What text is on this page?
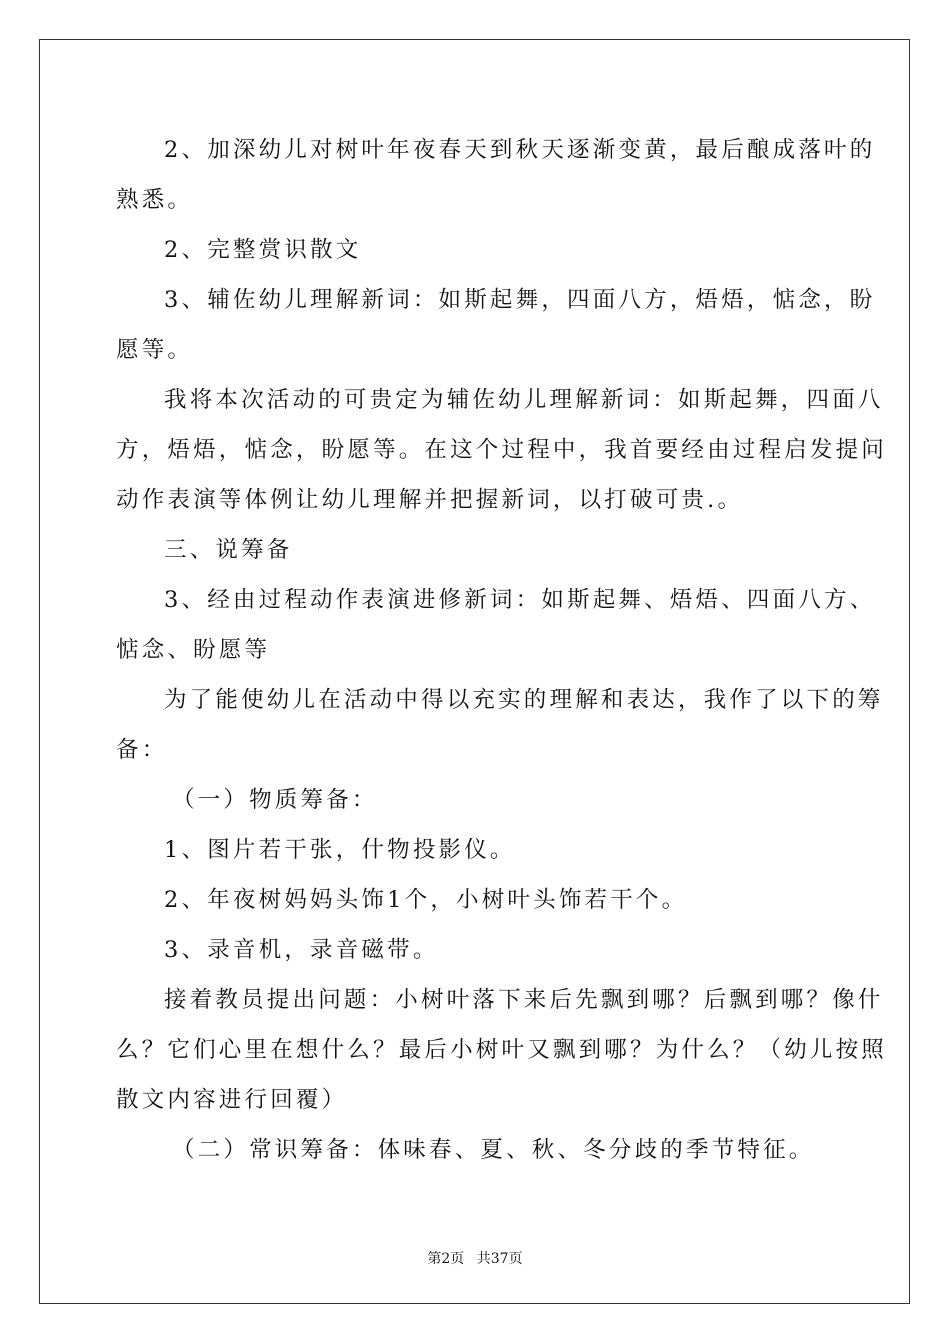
2、加深幼儿对树叶年夜春天到秋天逐渐变黄，最后酿成落叶的
熟悉。
2、完整赏识散文
3、辅佐幼儿理解新词：如斯起舞，四面八方，焐焐，惦念，盼
愿等。
我将本次活动的可贵定为辅佐幼儿理解新词：如斯起舞，四面八
方，焐焐，惦念，盼愿等。在这个过程中，我首要经由过程启发提问
动作表演等体例让幼儿理解并把握新词，以打破可贵.。
三、说筹备
3、经由过程动作表演进修新词：如斯起舞、焐焐、四面八方、
惦念、盼愿等
为了能使幼儿在活动中得以充实的理解和表达，我作了以下的筹
备：
（一）物质筹备：
1、图片若干张，什物投影仪。
2、年夜树妈妈头饰1个，小树叶头饰若干个。
3、录音机，录音磁带。
接着教员提出问题：小树叶落下来后先飘到哪？后飘到哪？像什
么？它们心里在想什么？最后小树叶又飘到哪？为什么？（幼儿按照
散文内容进行回覆）
（二）常识筹备：体味春、夏、秋、冬分歧的季节特征。
第2页 共37页
